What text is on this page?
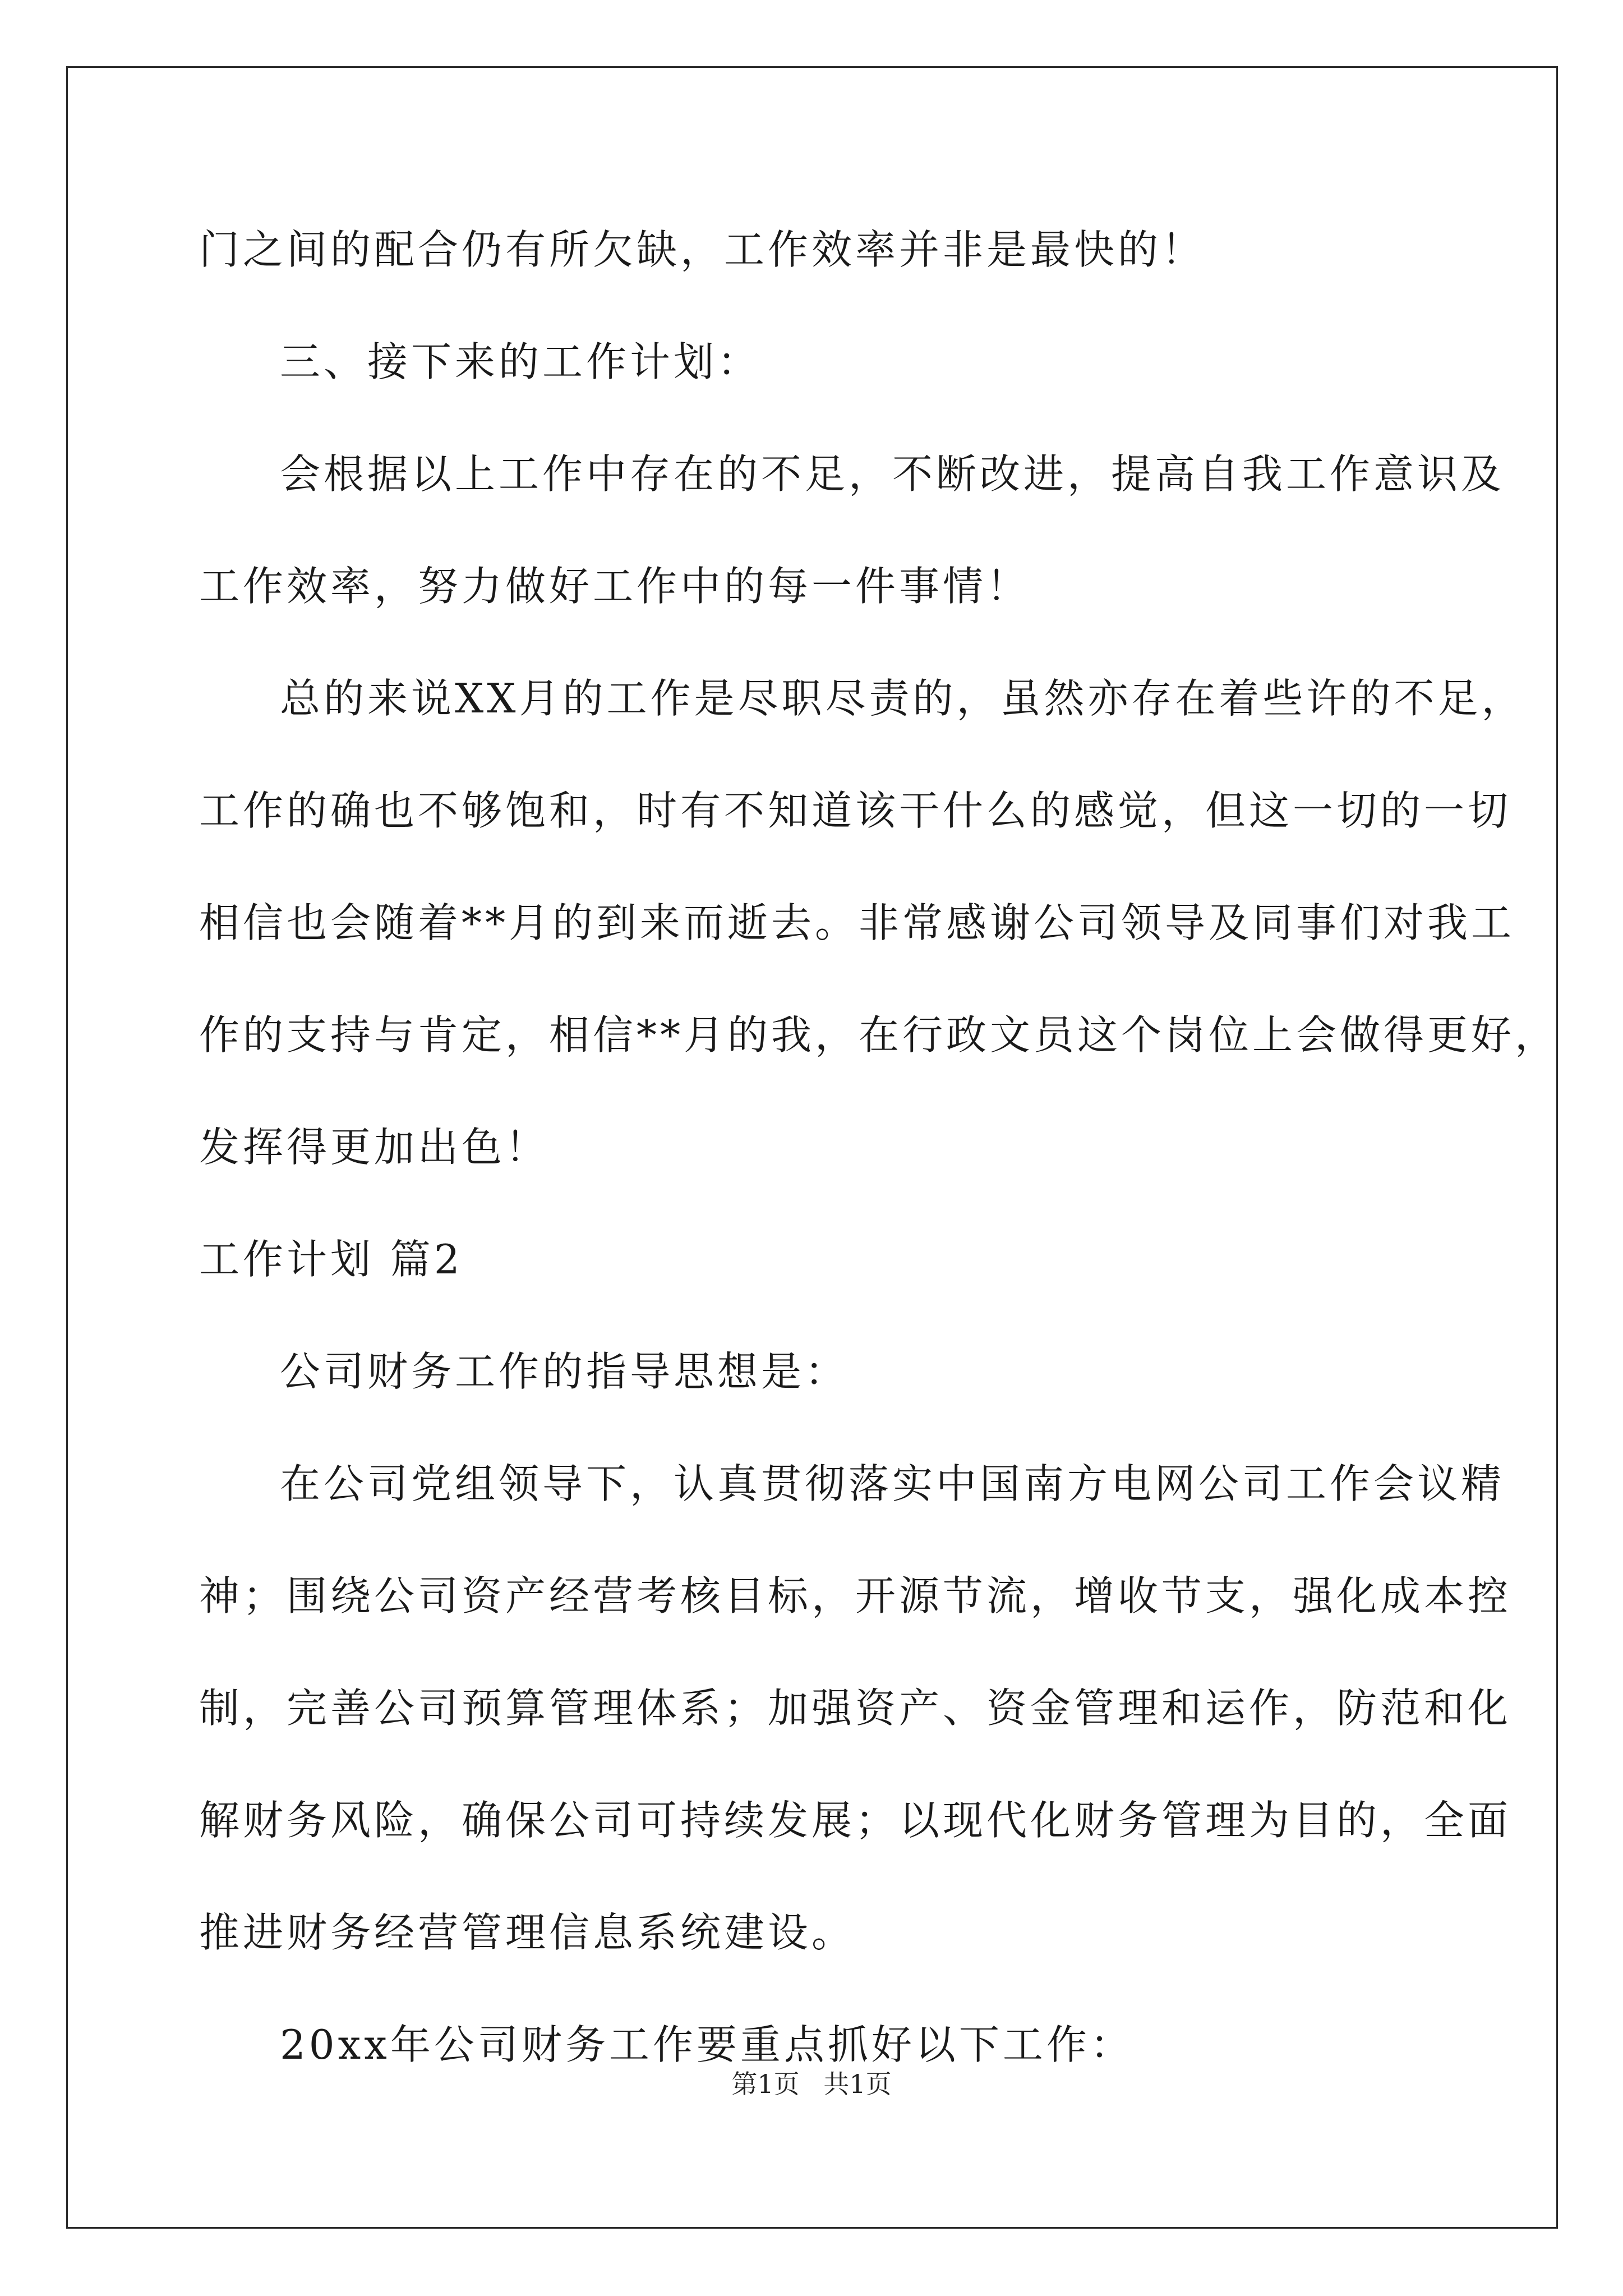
门之间的配合仍有所欠缺，工作效率并非是最快的！
三、接下来的工作计划：
会根据以上工作中存在的不足，不断改进，提高自我工作意识及
工作效率，努力做好工作中的每一件事情！
总的来说XX月的工作是尽职尽责的，虽然亦存在着些许的不足，
工作的确也不够饱和，时有不知道该干什么的感觉，但这一切的一切
相信也会随着**月的到来而逝去。非常感谢公司领导及同事们对我工
作的支持与肯定，相信**月的我，在行政文员这个岗位上会做得更好，
发挥得更加出色！
工作计划 篇2
公司财务工作的指导思想是：
在公司党组领导下，认真贯彻落实中国南方电网公司工作会议精
神；围绕公司资产经营考核目标，开源节流，增收节支，强化成本控
制，完善公司预算管理体系；加强资产、资金管理和运作，防范和化
解财务风险，确保公司可持续发展；以现代化财务管理为目的，全面
推进财务经营管理信息系统建设。
20xx年公司财务工作要重点抓好以下工作：
第1页 共1页
